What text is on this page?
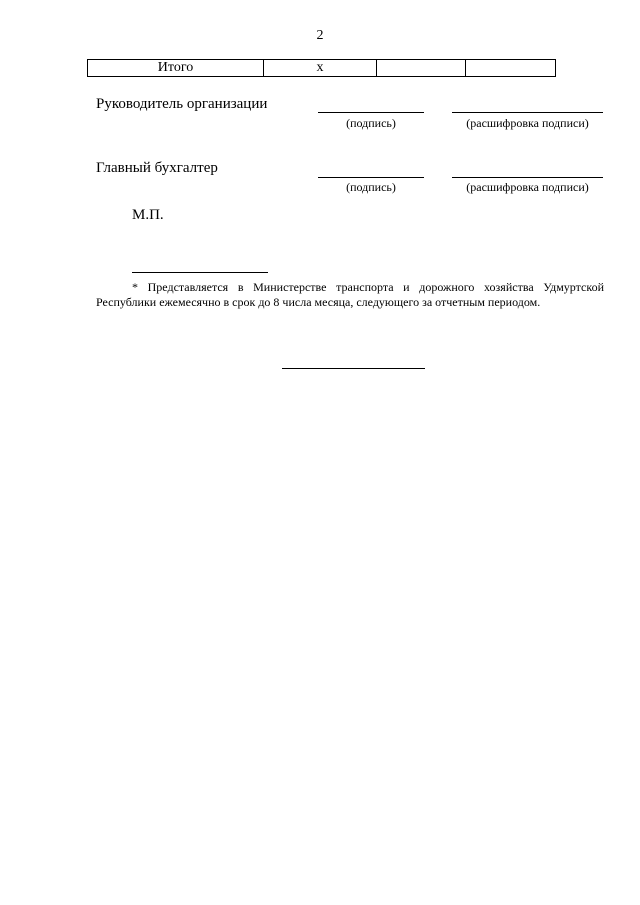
2
Итого	х		
Руководитель организации
(подпись)	(расшифровка подписи)
Главный бухгалтер
(подпись)	(расшифровка подписи)
М.П.
* Представляется в Министерстве транспорта и дорожного хозяйства Удмуртской
Республики ежемесячно в срок до 8 числа месяца, следующего за отчетным периодом.
